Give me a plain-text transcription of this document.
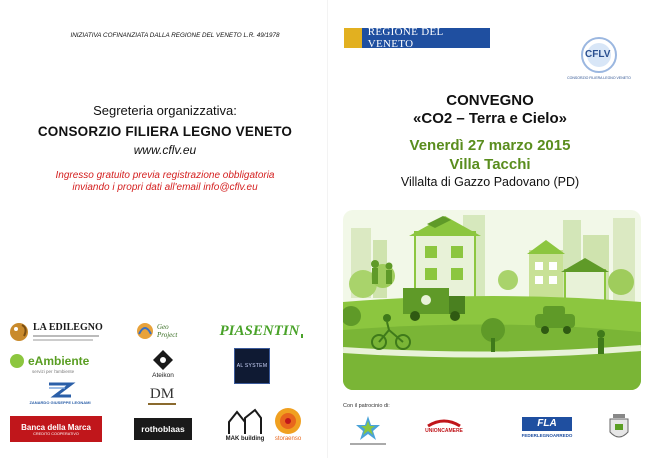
INIZIATIVA COFINANZIATA DALLA REGIONE DEL VENETO L.R. 49/1978
Segreteria organizzativa:
CONSORZIO FILIERA LEGNO VENETO
www.cflv.eu
Ingresso gratuito previa registrazione obbligatoria
inviando i propri dati all'email info@cflv.eu
LA EDILEGNO	Geo Project	PIASENTIN
eAmbiente
servizi per l'ambiente
Ateikon
AL SYSTEM
ZANARDO GIUSEPPE LEGNAMI	DM
Banca della Marca
CREDITO COOPERATIVO	rothoblaas
MAK building storaenso
REGIONE DEL VENETO
CFLV
CONSORZIO FILIERA LEGNO VENETO
CONVEGNO
«CO2 – Terra e Cielo»
Venerdì 27 marzo 2015
Villa Tacchi
Villalta di Gazzo Padovano (PD)
Con il patrocinio di:
UNIONCAMERE
FLA
FEDERLEGNOARREDO
